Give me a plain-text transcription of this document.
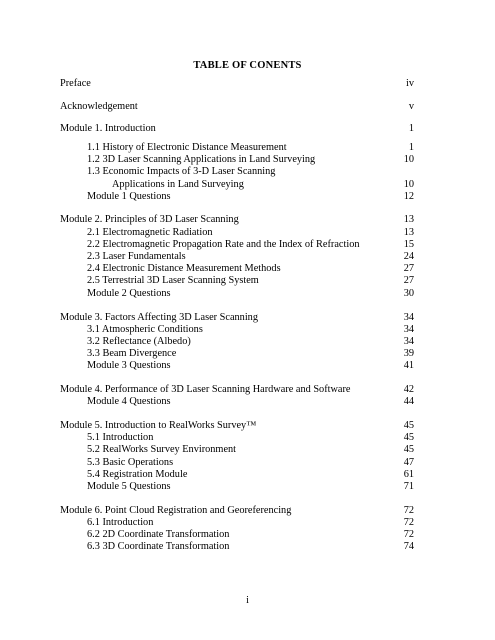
TABLE OF CONENTS
Preface	iv
Acknowledgement	v
Module 1. Introduction	1
1.1 History of Electronic Distance Measurement	1
1.2 3D Laser Scanning Applications in Land Surveying	10
1.3 Economic Impacts of 3-D Laser Scanning
Applications in Land Surveying	10
Module 1 Questions	12
Module 2. Principles of 3D Laser Scanning	13
2.1 Electromagnetic Radiation	13
2.2 Electromagnetic Propagation Rate and the Index of Refraction	15
2.3 Laser Fundamentals	24
2.4 Electronic Distance Measurement Methods	27
2.5 Terrestrial 3D Laser Scanning System	27
Module 2 Questions	30
Module 3. Factors Affecting 3D Laser Scanning	34
3.1 Atmospheric Conditions	34
3.2 Reflectance (Albedo)	34
3.3 Beam Divergence	39
Module 3 Questions	41
Module 4. Performance of 3D Laser Scanning Hardware and Software	42
Module 4 Questions	44
Module 5. Introduction to RealWorks Survey™	45
5.1 Introduction	45
5.2 RealWorks Survey Environment	45
5.3 Basic Operations	47
5.4 Registration Module	61
Module 5 Questions	71
Module 6. Point Cloud Registration and Georeferencing	72
6.1 Introduction	72
6.2 2D Coordinate Transformation	72
6.3 3D Coordinate Transformation	74
i
